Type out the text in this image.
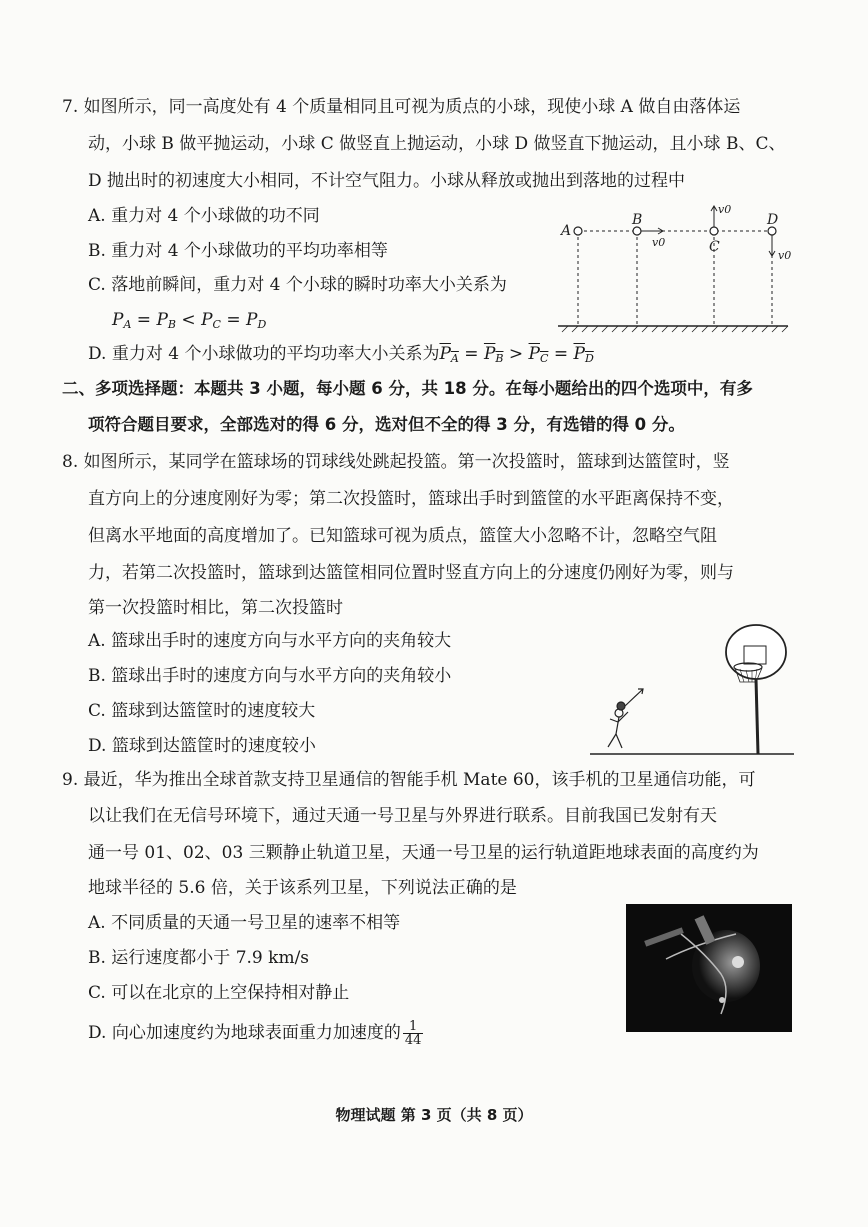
7. 如图所示，同一高度处有 4 个质量相同且可视为质点的小球，现使小球 A 做自由落体运
动，小球 B 做平抛运动，小球 C 做竖直上抛运动，小球 D 做竖直下抛运动，且小球 B、C、
D 抛出时的初速度大小相同，不计空气阻力。小球从释放或抛出到落地的过程中
A. 重力对 4 个小球做的功不同
B. 重力对 4 个小球做功的平均功率相等
C. 落地前瞬间，重力对 4 个小球的瞬时功率大小关系为
$P_A = P_B < P_C = P_D$
D. 重力对 4 个小球做功的平均功率大小关系为$P_A = P_B > P_C = P_D$
A
B
C
D
v0
v0
v0
二、多项选择题：本题共 3 小题，每小题 6 分，共 18 分。在每小题给出的四个选项中，有多
项符合题目要求，全部选对的得 6 分，选对但不全的得 3 分，有选错的得 0 分。
8. 如图所示，某同学在篮球场的罚球线处跳起投篮。第一次投篮时，篮球到达篮筐时，竖
直方向上的分速度刚好为零；第二次投篮时，篮球出手时到篮筐的水平距离保持不变，
但离水平地面的高度增加了。已知篮球可视为质点，篮筐大小忽略不计，忽略空气阻
力，若第二次投篮时，篮球到达篮筐相同位置时竖直方向上的分速度仍刚好为零，则与
第一次投篮时相比，第二次投篮时
A. 篮球出手时的速度方向与水平方向的夹角较大
B. 篮球出手时的速度方向与水平方向的夹角较小
C. 篮球到达篮筐时的速度较大
D. 篮球到达篮筐时的速度较小
9. 最近，华为推出全球首款支持卫星通信的智能手机 Mate 60，该手机的卫星通信功能，可
以让我们在无信号环境下，通过天通一号卫星与外界进行联系。目前我国已发射有天
通一号 01、02、03 三颗静止轨道卫星，天通一号卫星的运行轨道距地球表面的高度约为
地球半径的 5.6 倍，关于该系列卫星，下列说法正确的是
A. 不同质量的天通一号卫星的速率不相等
B. 运行速度都小于 7.9 km/s
C. 可以在北京的上空保持相对静止
D. 向心加速度约为地球表面重力加速度的 $\frac{1}{44}$
物理试题 第 3 页（共 8 页）
